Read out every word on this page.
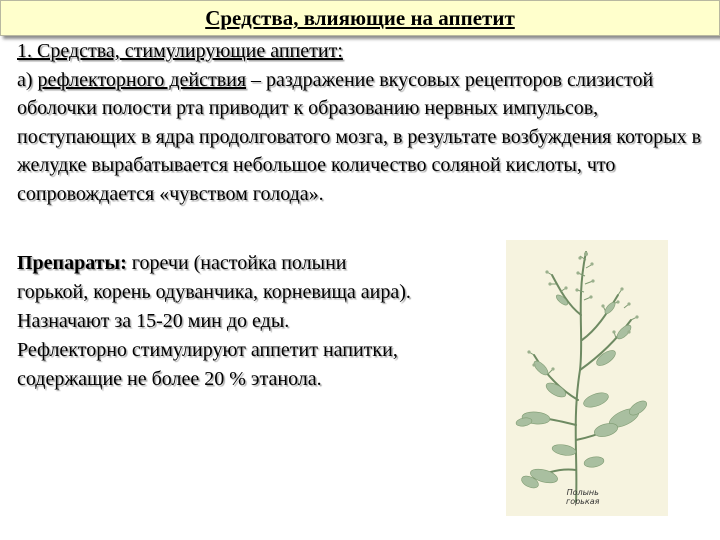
Средства, влияющие на аппетит

1. Средства, стимулирующие аппетит:

а) рефлекторного действия – раздражение вкусовых рецепторов слизистой оболочки полости рта приводит к образованию нервных импульсов, поступающих в ядра продолговатого мозга, в результате возбуждения которых в желудке вырабатывается небольшое количество соляной кислоты, что сопровождается «чувством голода».

Препараты: горечи (настойка полыни

горькой, корень одуванчика, корневища аира).

Назначают за 15-20 мин до еды.

Рефлекторно стимулируют аппетит напитки,

содержащие не более 20 % этанола.

Полынь
горькая
